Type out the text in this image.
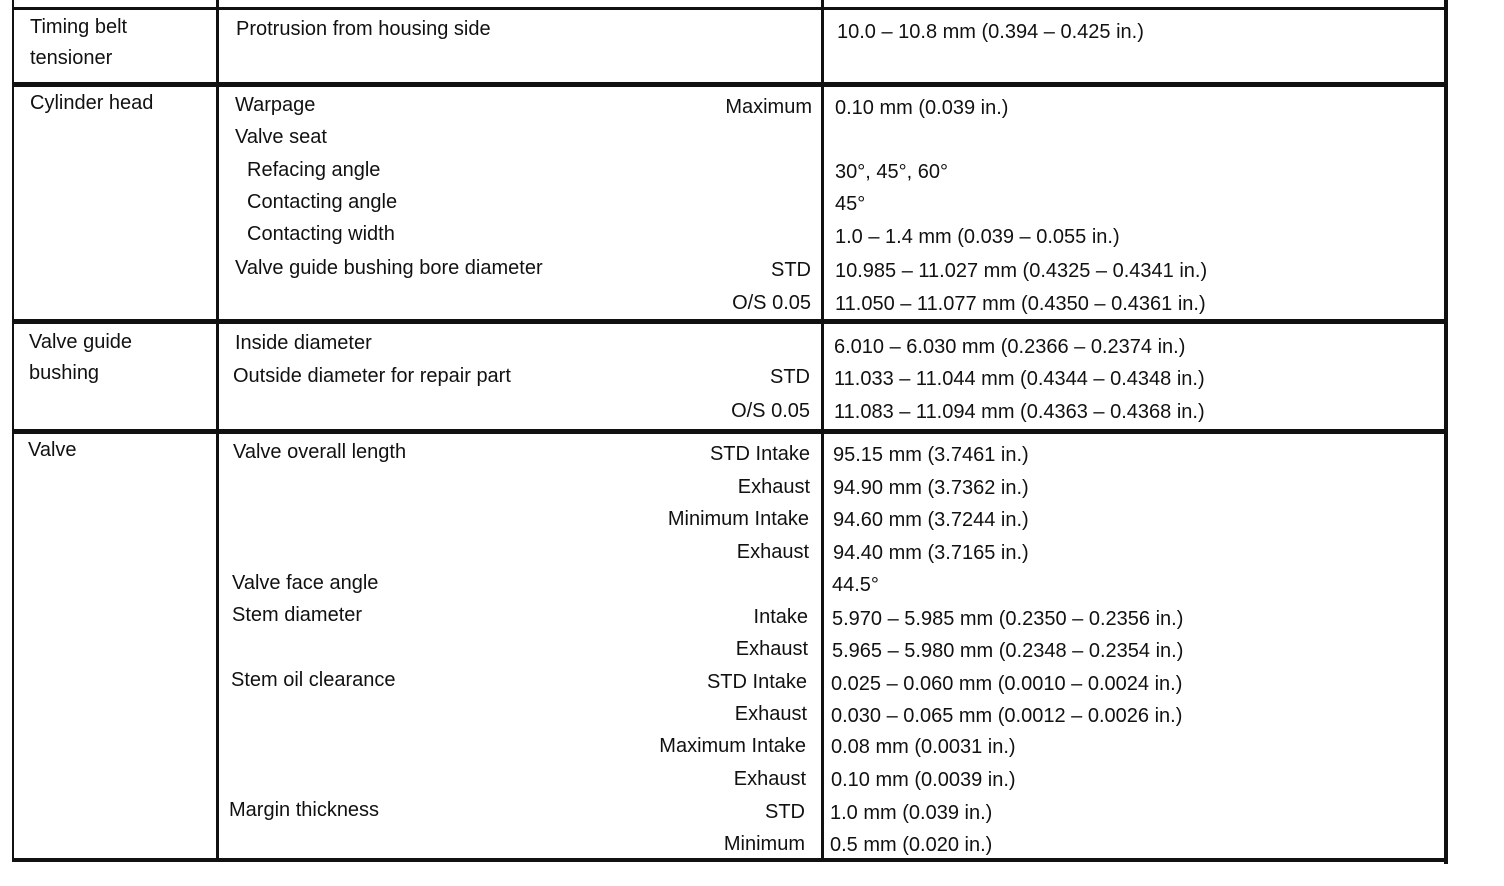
Timing belt tensioner
Protrusion from housing side	10.0 – 10.8 mm (0.394 – 0.425 in.)
Cylinder head	Warpage	Maximum 0.10 mm (0.039 in.)
Valve seat
Refacing angle	30°, 45°, 60°
Contacting angle	45°
Contacting width	1.0 – 1.4 mm (0.039 – 0.055 in.)
Valve guide bushing bore diameter	STD 10.985 – 11.027 mm (0.4325 – 0.4341 in.)
O/S 0.05 11.050 – 11.077 mm (0.4350 – 0.4361 in.)
Valve guide bushing
Inside diameter	6.010 – 6.030 mm (0.2366 – 0.2374 in.)
Outside diameter for repair part	STD 11.033 – 11.044 mm (0.4344 – 0.4348 in.)
O/S 0.05 11.083 – 11.094 mm (0.4363 – 0.4368 in.)
Valve	Valve overall length	STD Intake 95.15 mm (3.7461 in.)
Exhaust 94.90 mm (3.7362 in.)
Minimum Intake 94.60 mm (3.7244 in.)
Exhaust 94.40 mm (3.7165 in.)
Valve face angle	44.5°
Stem diameter	Intake 5.970 – 5.985 mm (0.2350 – 0.2356 in.)
Exhaust 5.965 – 5.980 mm (0.2348 – 0.2354 in.)
Stem oil clearance	STD Intake 0.025 – 0.060 mm (0.0010 – 0.0024 in.)
Exhaust 0.030 – 0.065 mm (0.0012 – 0.0026 in.)
Maximum Intake 0.08 mm (0.0031 in.)
Exhaust 0.10 mm (0.0039 in.)
Margin thickness	STD 1.0 mm (0.039 in.)
Minimum 0.5 mm (0.020 in.)
